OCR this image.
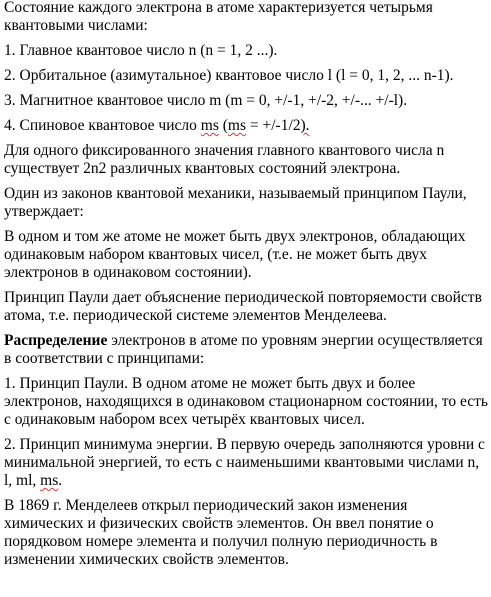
Состояние каждого электрона в атоме характеризуется четырьмя квантовыми числами:

1. Главное квантовое число n (n = 1, 2 ...).

2. Орбитальное (азимутальное) квантовое число l (l = 0, 1, 2, ... n-1).

3. Магнитное квантовое число m (m = 0, +/-1, +/-2, +/-... +/-l).

4. Спиновое квантовое число ms (ms = +/-1/2).

Для одного фиксированного значения главного квантового числа n существует 2n2 различных квантовых состояний электрона.

Один из законов квантовой механики, называемый принципом Паули, утверждает:

В одном и том же атоме не может быть двух электронов, обладающих одинаковым набором квантовых чисел, (т.е. не может быть двух электронов в одинаковом состоянии).

Принцип Паули дает объяснение периодической повторяемости свойств атома, т.е. периодической системе элементов Менделеева.

Распределение электронов в атоме по уровням энергии осуществляется в соответствии с принципами:

1. Принцип Паули. В одном атоме не может быть двух и более электронов, находящихся в одинаковом стационарном состоянии, то есть с одинаковым набором всех четырёх квантовых чисел.

2. Принцип минимума энергии. В первую очередь заполняются уровни с минимальной энергией, то есть с наименьшими квантовыми числами n, l, ml, ms.

В 1869 г. Менделеев открыл периодический закон изменения химических и физических свойств элементов. Он ввел понятие о порядковом номере элемента и получил полную периодичность в изменении химических свойств элементов.
